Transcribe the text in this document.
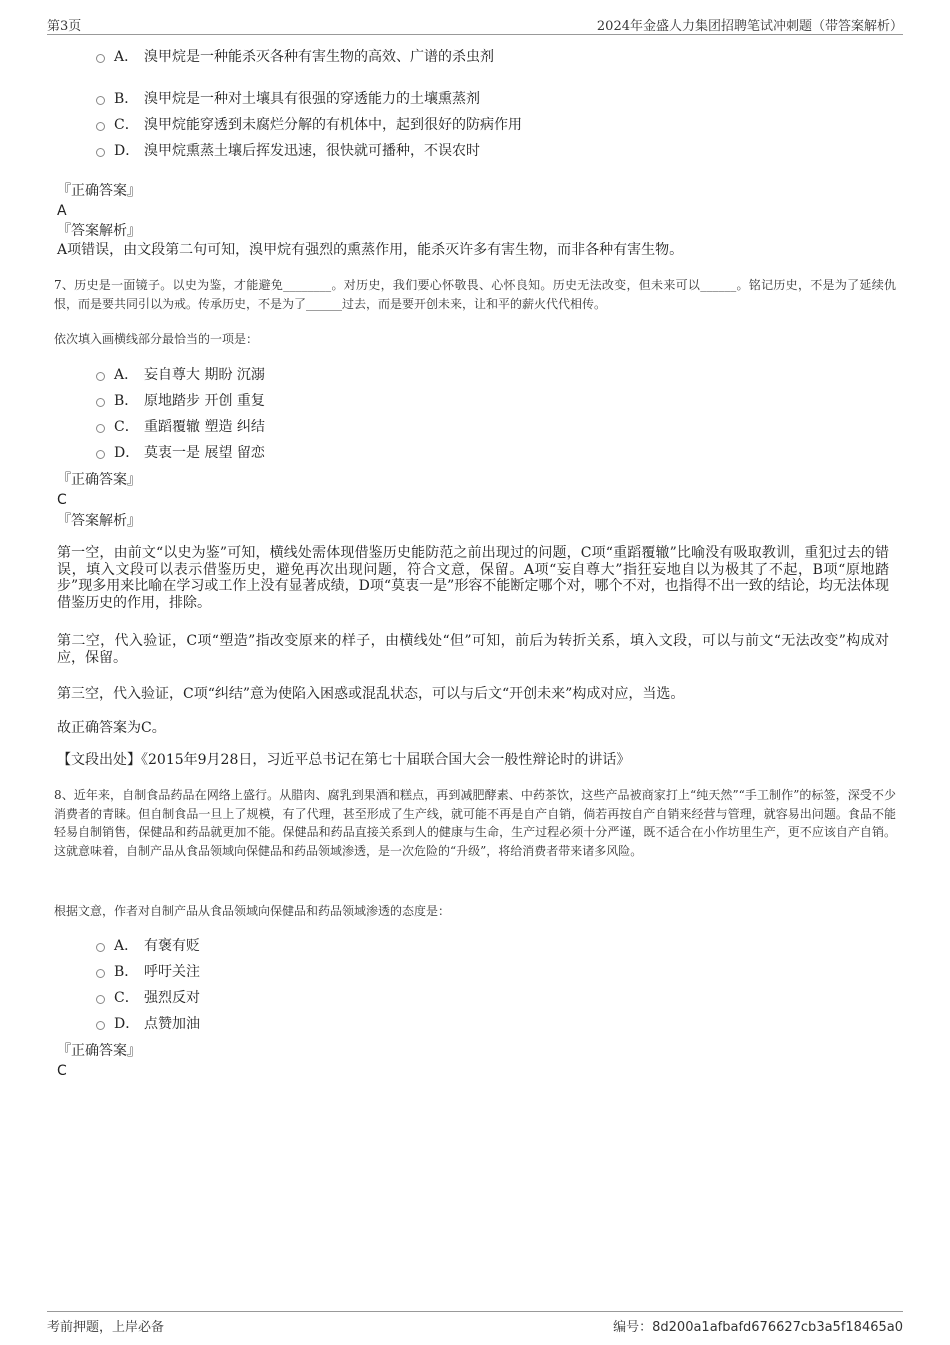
第3页	2024年金盛人力集团招聘笔试冲刺题（带答案解析）
A． 溴甲烷是一种能杀灭各种有害生物的高效、广谱的杀虫剂
B． 溴甲烷是一种对土壤具有很强的穿透能力的土壤熏蒸剂
C． 溴甲烷能穿透到未腐烂分解的有机体中，起到很好的防病作用
D． 溴甲烷熏蒸土壤后挥发迅速，很快就可播种，不误农时
『正确答案』
A
『答案解析』
A项错误，由文段第二句可知，溴甲烷有强烈的熏蒸作用，能杀灭许多有害生物，而非各种有害生物。
7、历史是一面镜子。以史为鉴，才能避免________。对历史，我们要心怀敬畏、心怀良知。历史无法改变，但未来可以______。铭记历史，不是为了延续仇恨，而是要共同引以为戒。传承历史，不是为了______过去，而是要开创未来，让和平的薪火代代相传。
依次填入画横线部分最恰当的一项是：
A． 妄自尊大 期盼 沉溺
B． 原地踏步 开创 重复
C． 重蹈覆辙 塑造 纠结
D． 莫衷一是 展望 留恋
『正确答案』
C
『答案解析』
第一空，由前文“以史为鉴”可知，横线处需体现借鉴历史能防范之前出现过的问题，C项“重蹈覆辙”比喻没有吸取教训，重犯过去的错误，填入文段可以表示借鉴历史，避免再次出现问题，符合文意，保留。A项“妄自尊大”指狂妄地自以为极其了不起，B项“原地踏步”现多用来比喻在学习或工作上没有显著成绩，D项“莫衷一是”形容不能断定哪个对，哪个不对，也指得不出一致的结论，均无法体现借鉴历史的作用，排除。
第二空，代入验证，C项“塑造”指改变原来的样子，由横线处“但”可知，前后为转折关系，填入文段，可以与前文“无法改变”构成对应，保留。
第三空，代入验证，C项“纠结”意为使陷入困惑或混乱状态，可以与后文“开创未来”构成对应，当选。
故正确答案为C。
【文段出处】《2015年9月28日，习近平总书记在第七十届联合国大会一般性辩论时的讲话》
8、近年来，自制食品药品在网络上盛行。从腊肉、腐乳到果酒和糕点，再到减肥酵素、中药茶饮，这些产品被商家打上“纯天然”“手工制作”的标签，深受不少消费者的青睐。但自制食品一旦上了规模，有了代理，甚至形成了生产线，就可能不再是自产自销，倘若再按自产自销来经营与管理，就容易出问题。食品不能轻易自制销售，保健品和药品就更加不能。保健品和药品直接关系到人的健康与生命，生产过程必须十分严谨，既不适合在小作坊里生产，更不应该自产自销。这就意味着，自制产品从食品领域向保健品和药品领域渗透，是一次危险的“升级”，将给消费者带来诸多风险。
根据文意，作者对自制产品从食品领域向保健品和药品领域渗透的态度是：
A． 有褒有贬
B． 呼吁关注
C． 强烈反对
D． 点赞加油
『正确答案』
C
考前押题，上岸必备	编号：8d200a1afbafd676627cb3a5f18465a0
